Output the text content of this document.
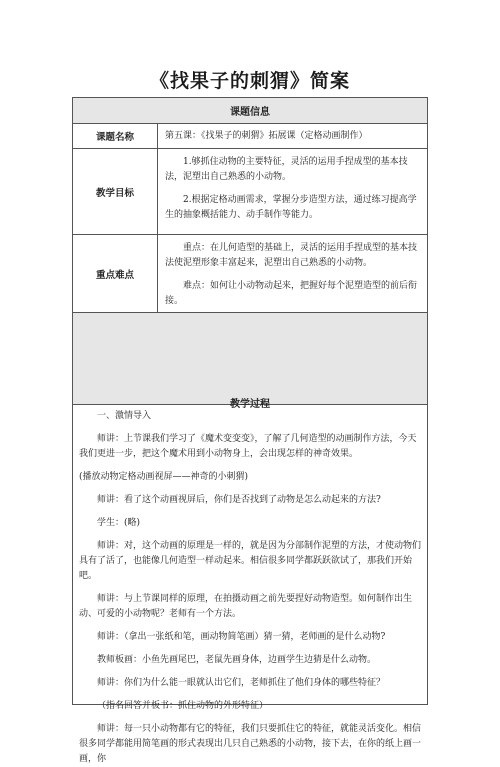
《找果子的刺猬》简案
课题信息
课题名称	第五课：《找果子的刺猬》拓展课（定格动画制作）
教学目标

1.够抓住动物的主要特征，灵活的运用手捏成型的基本技法，泥塑出自己熟悉的小动物。

2.根据定格动画需求，掌握分步造型方法，通过练习提高学生的抽象概括能力、动手制作等能力。

重点难点

重点：在儿何造型的基础上，灵活的运用手捏成型的基本技法使泥塑形象丰富起来，泥塑出自己熟悉的小动物。

难点：如何让小动物动起来，把握好每个泥塑造型的前后衔接。

教学过程

一、激情导入

师讲：上节课我们学习了《魔术变变变》，了解了几何造型的动画制作方法，今天我们更进一步，把这个魔术用到小动物身上，会出现怎样的神奇效果。

(播放动物定格动画视屏——神奇的小刺猬)

师讲：看了这个动画视屏后，你们是否找到了动物是怎么动起来的方法?

学生：(略)

师讲：对，这个动画的原理是一样的，就是因为分部制作泥塑的方法，才使动物们具有了活了，也能像几何造型一样动起来。相信很多同学都跃跃欲试了，那我们开始吧。

师讲：与上节课同样的原理，在拍摄动画之前先要捏好动物造型。如何制作出生动、可爱的小动物呢？老师有一个方法。

师讲：（拿出一张纸和笔，画动物简笔画）猜一猜，老师画的是什么动物?

教师板画：小鱼先画尾巴，老鼠先画身体，边画学生边猜是什么动物。

师讲：你们为什么能一眼就认出它们，老师抓住了他们身体的哪些特征？

（指名回答并板书：抓住动物的外形特征）

师讲：每一只小动物都有它的特征，我们只要抓住它的特征，就能灵活变化。相信很多同学都能用简笔画的形式表现出几只自己熟悉的小动物，接下去，在你的纸上画一画，你
